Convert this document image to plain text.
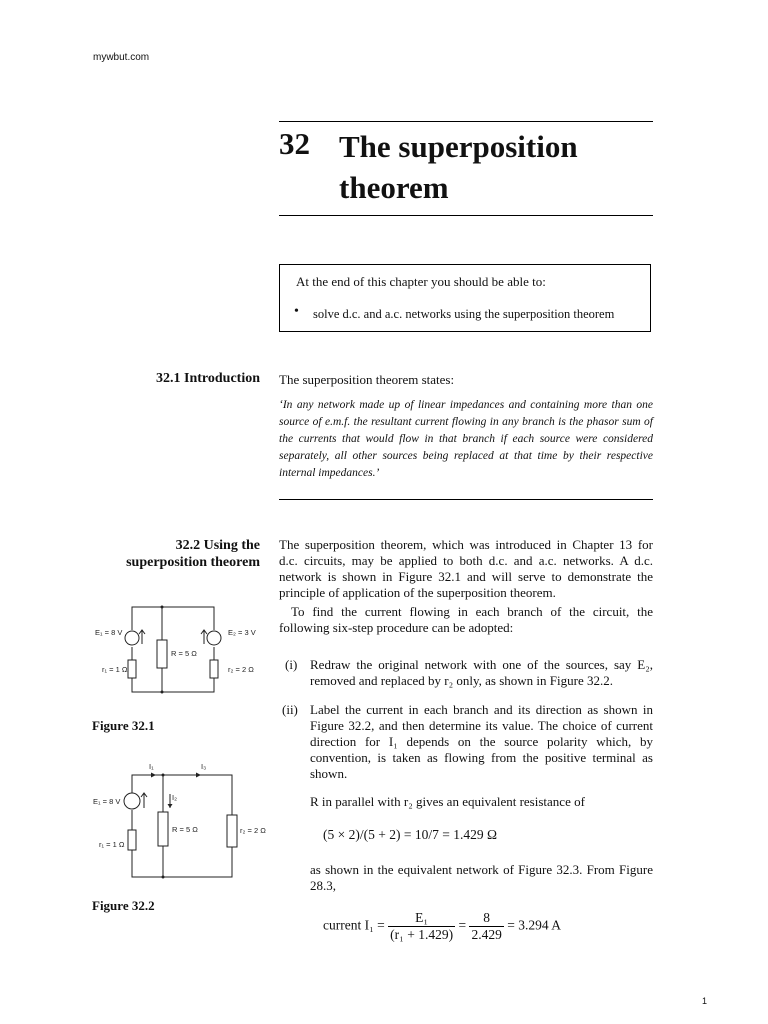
mywbut.com
32 The superposition theorem
At the end of this chapter you should be able to:
• solve d.c. and a.c. networks using the superposition theorem
32.1 Introduction The superposition theorem states:
‘In any network made up of linear impedances and containing more than one source of e.m.f. the resultant current flowing in any branch is the phasor sum of the currents that would flow in that branch if each source were considered separately, all other sources being replaced at that time by their respective internal impedances.’
32.2 Using the
superposition theorem
The superposition theorem, which was introduced in Chapter 13 for d.c. circuits, may be applied to both d.c. and a.c. networks. A d.c. network is shown in Figure 32.1 and will serve to demonstrate the principle of application of the superposition theorem.
To find the current flowing in each branch of the circuit, the following six-step procedure can be adopted:
(i) Redraw the original network with one of the sources, say E₂, removed and replaced by r₂ only, as shown in Figure 32.2.
(ii) Label the current in each branch and its direction as shown in Figure 32.2, and then determine its value. The choice of current direction for I₁ depends on the source polarity which, by convention, is taken as flowing from the positive terminal as shown.
R in parallel with r₂ gives an equivalent resistance of
(5 × 2)/(5 + 2) = 10/7 = 1.429 Ω
as shown in the equivalent network of Figure 32.3. From Figure 28.3,
current $I_1 = \frac{\text{E₁}}{\text{(r₁ + 1.429)}} = \frac{8}{2.429} = 3.294$ A
E₁ = 8 V	E₂ = 3 V
R = 5 Ω
r₁ = 1 Ω	r₂ = 2 Ω
Figure 32.1
I₁	I₃
I₂
E₁ = 8 V
R = 5 Ω	r₂ = 2 Ω
r₁ = 1 Ω
Figure 32.2
1
